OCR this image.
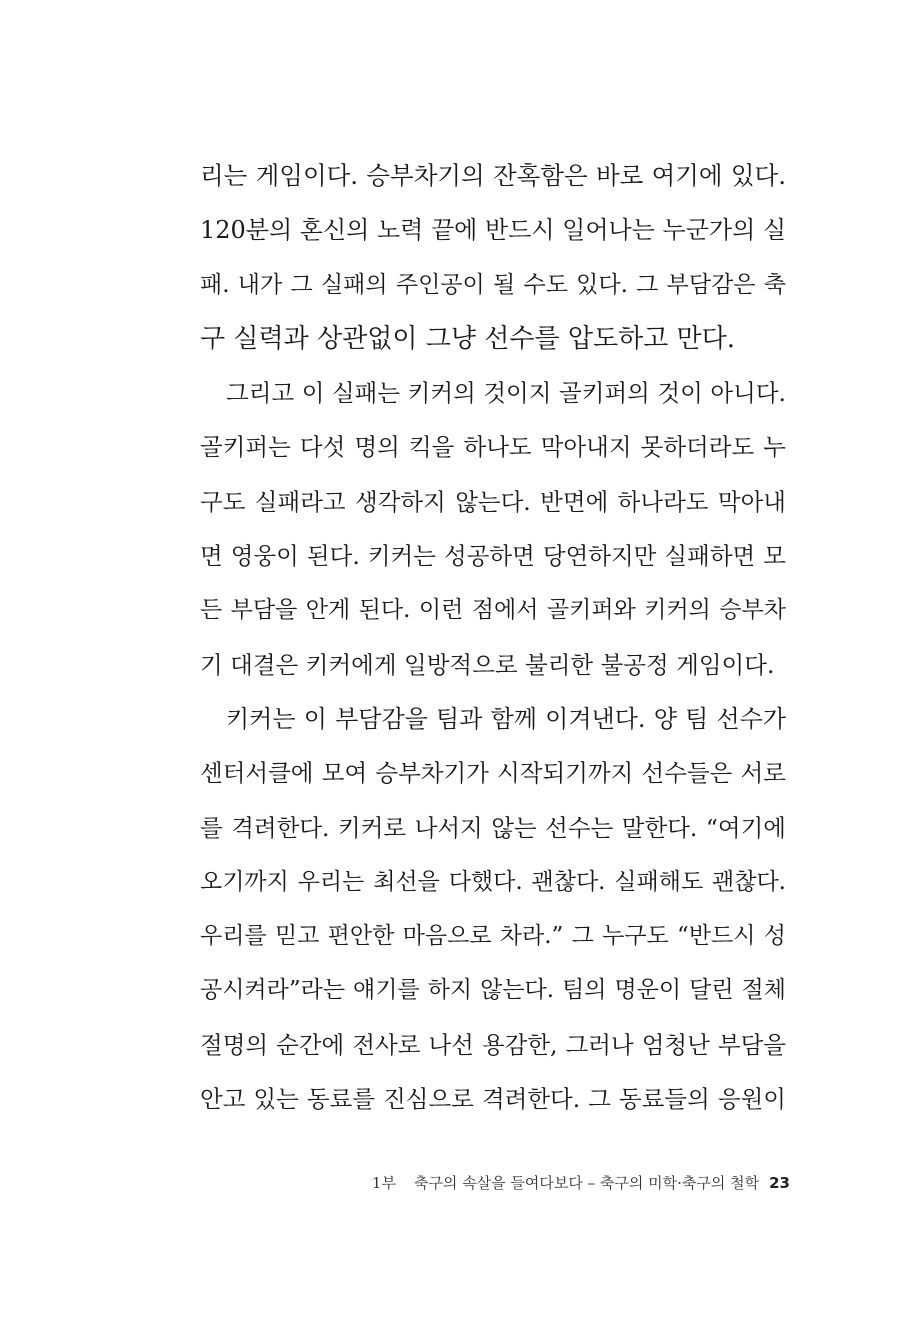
리는 게임이다. 승부차기의 잔혹함은 바로 여기에 있다.
120분의 혼신의 노력 끝에 반드시 일어나는 누군가의 실
패. 내가 그 실패의 주인공이 될 수도 있다. 그 부담감은 축
구 실력과 상관없이 그냥 선수를 압도하고 만다.
그리고 이 실패는 키커의 것이지 골키퍼의 것이 아니다.
골키퍼는 다섯 명의 킥을 하나도 막아내지 못하더라도 누
구도 실패라고 생각하지 않는다. 반면에 하나라도 막아내
면 영웅이 된다. 키커는 성공하면 당연하지만 실패하면 모
든 부담을 안게 된다. 이런 점에서 골키퍼와 키커의 승부차
기 대결은 키커에게 일방적으로 불리한 불공정 게임이다.
키커는 이 부담감을 팀과 함께 이겨낸다. 양 팀 선수가
센터서클에 모여 승부차기가 시작되기까지 선수들은 서로
를 격려한다. 키커로 나서지 않는 선수는 말한다. “여기에
오기까지 우리는 최선을 다했다. 괜찮다. 실패해도 괜찮다.
우리를 믿고 편안한 마음으로 차라.” 그 누구도 “반드시 성
공시켜라”라는 얘기를 하지 않는다. 팀의 명운이 달린 절체
절명의 순간에 전사로 나선 용감한, 그러나 엄청난 부담을
안고 있는 동료를 진심으로 격려한다. 그 동료들의 응원이
1부 축구의 속살을 들여다보다 – 축구의 미학·축구의 철학 23
